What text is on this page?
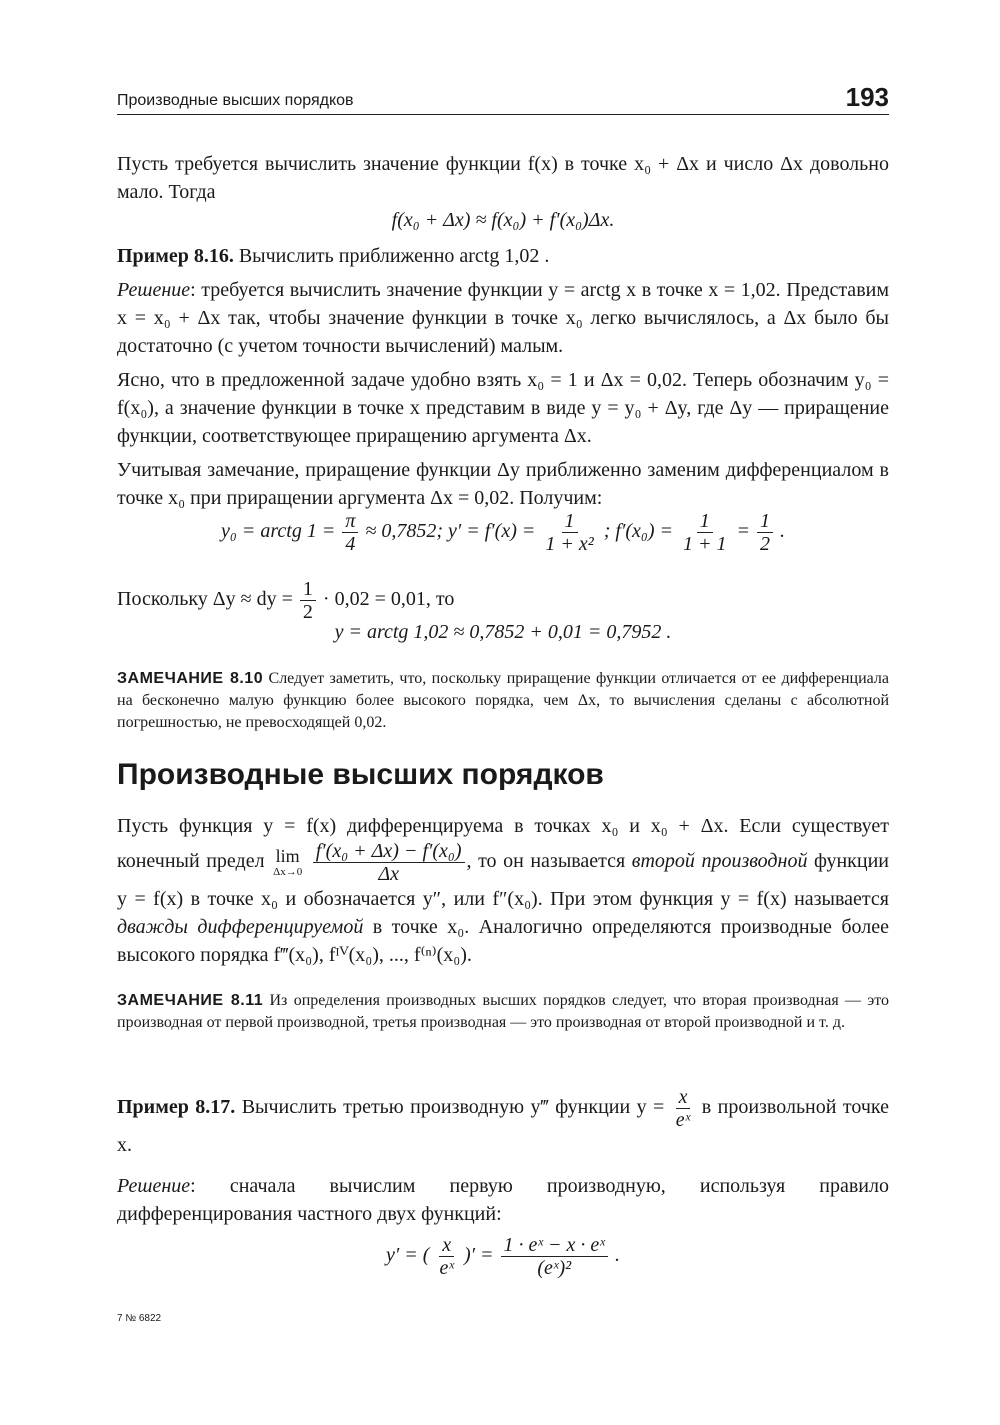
Производные высших порядков	193

Пусть требуется вычислить значение функции f(x) в точке x₀ + Δx и число Δx довольно мало. Тогда

f(x₀ + Δx) ≈ f(x₀) + f′(x₀)Δx.

Пример 8.16. Вычислить приближенно arctg 1,02 .

Решение: требуется вычислить значение функции y = arctg x в точке x = 1,02. Представим x = x₀ + Δx так, чтобы значение функции в точке x₀ легко вычислялось, а Δx было бы достаточно (с учетом точности вычислений) малым.

Ясно, что в предложенной задаче удобно взять x₀ = 1 и Δx = 0,02. Теперь обозначим y₀ = f(x₀), а значение функции в точке x представим в виде y = y₀ + Δy, где Δy — приращение функции, соответствующее приращению аргумента Δx.

Учитывая замечание, приращение функции Δy приближенно заменим дифференциалом в точке x₀ при приращении аргумента Δx = 0,02. Получим:

y₀ = arctg $1 = \frac{\pi}{4} \approx 0,7852$; $y' = f'(x) = \frac{1}{\text{1 + x²}}$ ; $f'(x_0) = \frac{1}{1 + 1} = \frac{1}{2}$ .

Поскольку Δy ≈ dy = $\frac{1}{2} \cdot 0,02 = 0,01$, то

y = arctg 1,02 ≈ 0,7852 + 0,01 = 0,7952 .

ЗАМЕЧАНИЕ 8.10 Следует заметить, что, поскольку приращение функции отличается от ее дифференциала на бесконечно малую функцию более высокого порядка, чем Δx, то вычисления сделаны с абсолютной погрешностью, не превосходящей 0,02.
Производные высших порядков

Пусть функция y = f(x) дифференцируема в точках x₀ и x₀ + Δx. Если существует конечный предел lim
Δx→0
$\frac{\text{f′(x₀ + Δx) − f′(x₀)}}{\Delta x}$ , то он называется второй производной функции y = f(x) в точке x₀ и обозначается y″, или f″(x₀). При этом функция y = f(x) называется дважды дифференцируемой в точке x₀. Аналогично определяются производные более высокого порядка f‴(x₀), fᴵⱽ(x₀), ..., f⁽ⁿ⁾(x₀).

ЗАМЕЧАНИЕ 8.11 Из определения производных высших порядков следует, что вторая производная — это производная от первой производной, третья производная — это производная от второй производной и т. д.

Пример 8.17. Вычислить третью производную y‴ функции $y = \frac{x}{\text{eˣ}}$ в произвольной точке x.

Решение: сначала вычислим первую производную, используя правило дифференцирования частного двух функций:

y′ = ( $\frac{x}{\text{eˣ}}$ )′ = $\frac{\text{1 · eˣ − x · eˣ}}{\text{(eˣ)²}}$ .

7 № 6822
